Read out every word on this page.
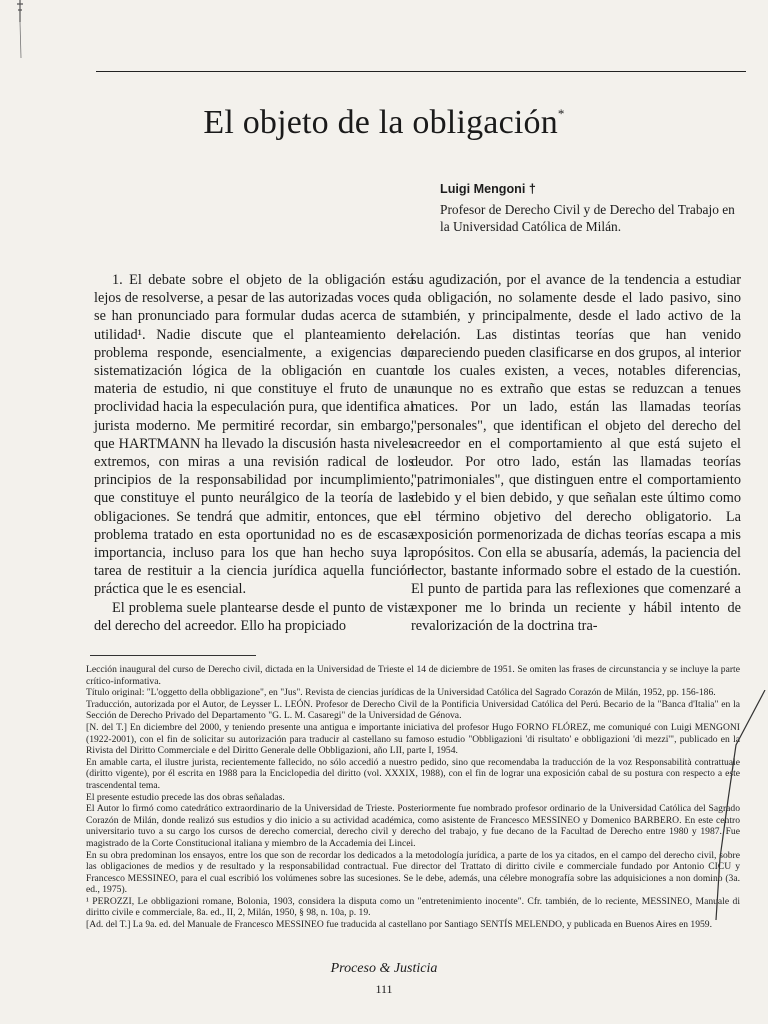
El objeto de la obligación*

Luigi Mengoni †

Profesor de Derecho Civil y de Derecho del Trabajo en la Universidad Católica de Milán.

1. El debate sobre el objeto de la obligación está lejos de resolverse, a pesar de las autorizadas voces que se han pronunciado para formular dudas acerca de su utilidad¹. Nadie discute que el planteamiento del problema responde, esencialmente, a exigencias de sistematización lógica de la obligación en cuanto materia de estudio, ni que constituye el fruto de una proclividad hacia la especulación pura, que identifica al jurista moderno. Me permitiré recordar, sin embargo, que HARTMANN ha llevado la discusión hasta niveles extremos, con miras a una revisión radical de los principios de la responsabilidad por incumplimiento, que constituye el punto neurálgico de la teoría de las obligaciones. Se tendrá que admitir, entonces, que el problema tratado en esta oportunidad no es de escasa importancia, incluso para los que han hecho suya la tarea de restituir a la ciencia jurídica aquella función práctica que le es esencial.

El problema suele plantearse desde el punto de vista del derecho del acreedor. Ello ha propiciado

su agudización, por el avance de la tendencia a estudiar la obligación, no solamente desde el lado pasivo, sino también, y principalmente, desde el lado activo de la relación. Las distintas teorías que han venido apareciendo pueden clasificarse en dos grupos, al interior de los cuales existen, a veces, notables diferencias, aunque no es extraño que estas se reduzcan a tenues matices. Por un lado, están las llamadas teorías "personales", que identifican el objeto del derecho del acreedor en el comportamiento al que está sujeto el deudor. Por otro lado, están las llamadas teorías "patrimoniales", que distinguen entre el comportamiento debido y el bien debido, y que señalan este último como el término objetivo del derecho obligatorio. La exposición pormenorizada de dichas teorías escapa a mis propósitos. Con ella se abusaría, además, la paciencia del lector, bastante informado sobre el estado de la cuestión. El punto de partida para las reflexiones que comenzaré a exponer me lo brinda un reciente y hábil intento de revalorización de la doctrina tra-

Lección inaugural del curso de Derecho civil, dictada en la Universidad de Trieste el 14 de diciembre de 1951. Se omiten las frases de circunstancia y se incluye la parte crítico-informativa.

Título original: "L'oggetto della obbligazione", en "Jus". Revista de ciencias jurídicas de la Universidad Católica del Sagrado Corazón de Milán, 1952, pp. 156-186.

Traducción, autorizada por el Autor, de Leysser L. LEÓN. Profesor de Derecho Civil de la Pontificia Universidad Católica del Perú. Becario de la "Banca d'Italia" en la Sección de Derecho Privado del Departamento "G. L. M. Casaregi" de la Universidad de Génova.

[N. del T.] En diciembre del 2000, y teniendo presente una antigua e importante iniciativa del profesor Hugo FORNO FLÓREZ, me comuniqué con Luigi MENGONI (1922-2001), con el fin de solicitar su autorización para traducir al castellano su famoso estudio "Obbligazioni 'di risultato' e obbligazioni 'di mezzi'", publicado en la Rivista del Diritto Commerciale e del Diritto Generale delle Obbligazioni, año LII, parte I, 1954.

En amable carta, el ilustre jurista, recientemente fallecido, no sólo accedió a nuestro pedido, sino que recomendaba la traducción de la voz Responsabilità contrattuale (diritto vigente), por él escrita en 1988 para la Enciclopedia del diritto (vol. XXXIX, 1988), con el fin de lograr una exposición cabal de su postura con respecto a este trascendental tema.

El presente estudio precede las dos obras señaladas.

El Autor lo firmó como catedrático extraordinario de la Universidad de Trieste. Posteriormente fue nombrado profesor ordinario de la Universidad Católica del Sagrado Corazón de Milán, donde realizó sus estudios y dio inicio a su actividad académica, como asistente de Francesco MESSINEO y Domenico BARBERO. En este centro universitario tuvo a su cargo los cursos de derecho comercial, derecho civil y derecho del trabajo, y fue decano de la Facultad de Derecho entre 1980 y 1987. Fue magistrado de la Corte Constitucional italiana y miembro de la Accademia dei Lincei.

En su obra predominan los ensayos, entre los que son de recordar los dedicados a la metodología jurídica, a parte de los ya citados, en el campo del derecho civil, sobre las obligaciones de medios y de resultado y la responsabilidad contractual. Fue director del Trattato di diritto civile e commerciale fundado por Antonio CICU y Francesco MESSINEO, para el cual escribió los volúmenes sobre las sucesiones. Se le debe, además, una célebre monografía sobre las adquisiciones a non domino (3a. ed., 1975).

¹ PEROZZI, Le obbligazioni romane, Bolonia, 1903, considera la disputa como un "entretenimiento inocente". Cfr. también, de lo reciente, MESSINEO, Manuale di diritto civile e commerciale, 8a. ed., II, 2, Milán, 1950, § 98, n. 10a, p. 19.

[Ad. del T.] La 9a. ed. del Manuale de Francesco MESSINEO fue traducida al castellano por Santiago SENTÍS MELENDO, y publicada en Buenos Aires en 1959.

Proceso & Justicia
111
